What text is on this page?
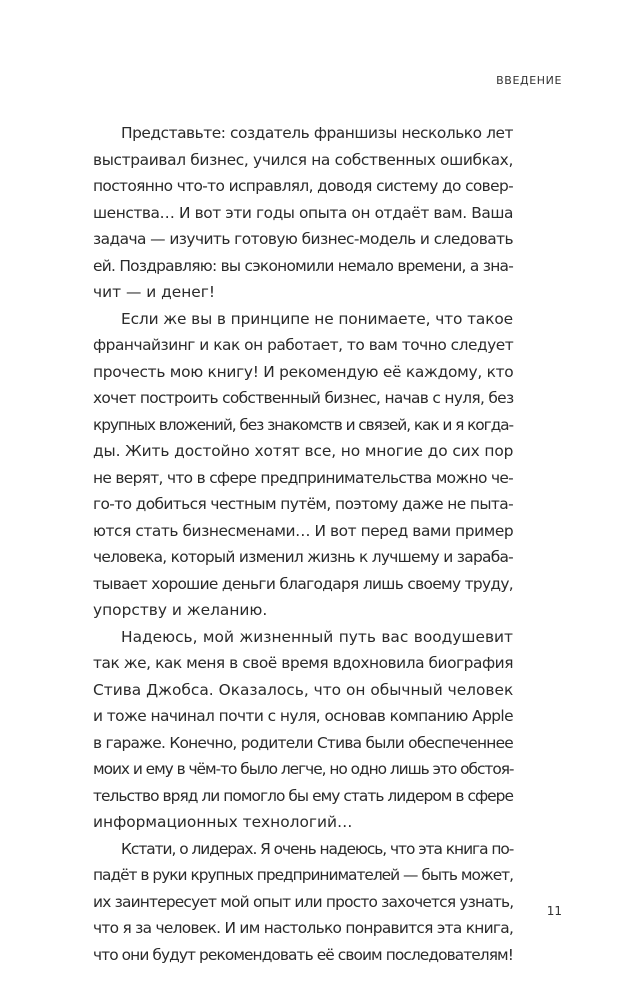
ВВЕДЕНИЕ
Представьте: создатель франшизы несколько лет
выстраивал бизнес, учился на собственных ошибках,
постоянно что-то исправлял, доводя систему до совер-
шенства… И вот эти годы опыта он отдаёт вам. Ваша
задача — изучить готовую бизнес-модель и следовать
ей. Поздравляю: вы сэкономили немало времени, а зна-
чит — и денег!
Если же вы в принципе не понимаете, что такое
франчайзинг и как он работает, то вам точно следует
прочесть мою книгу! И рекомендую её каждому, кто
хочет построить собственный бизнес, начав с нуля, без
крупных вложений, без знакомств и связей, как и я когда-
ды. Жить достойно хотят все, но многие до сих пор
не верят, что в сфере предпринимательства можно че-
го-то добиться честным путём, поэтому даже не пыта-
ются стать бизнесменами… И вот перед вами пример
человека, который изменил жизнь к лучшему и зараба-
тывает хорошие деньги благодаря лишь своему труду,
упорству и желанию.
Надеюсь, мой жизненный путь вас воодушевит
так же, как меня в своё время вдохновила биография
Стива Джобса. Оказалось, что он обычный человек
и тоже начинал почти с нуля, основав компанию Apple
в гараже. Конечно, родители Стива были обеспеченнее
моих и ему в чём-то было легче, но одно лишь это обстоя-
тельство вряд ли помогло бы ему стать лидером в сфере
информационных технологий…
Кстати, о лидерах. Я очень надеюсь, что эта книга по-
падёт в руки крупных предпринимателей — быть может,
их заинтересует мой опыт или просто захочется узнать,
что я за человек. И им настолько понравится эта книга,
что они будут рекомендовать её своим последователям!
11
